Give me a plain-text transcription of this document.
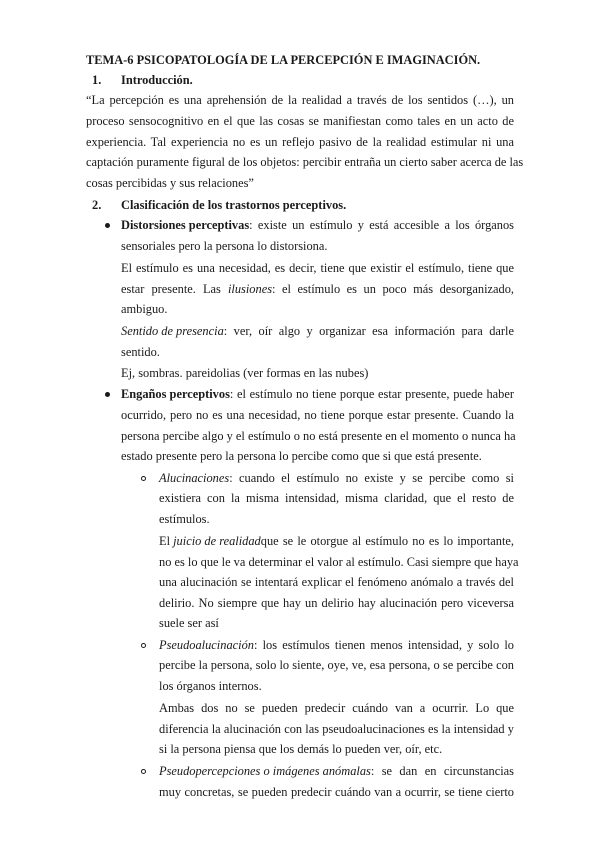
TEMA-6 PSICOPATOLOGÍA DE LA PERCEPCIÓN E IMAGINACIÓN.
1. Introducción.
“La percepción es una aprehensión de la realidad a través de los sentidos (…), un
proceso sensocognitivo en el que las cosas se manifiestan como tales en un acto de
experiencia. Tal experiencia no es un reflejo pasivo de la realidad estimular ni una
captación puramente figural de los objetos: percibir entraña un cierto saber acerca de las
cosas percibidas y sus relaciones”
2. Clasificación de los trastornos perceptivos.
Distorsiones perceptivas : existe un estímulo y está accesible a los órganos
sensoriales pero la persona lo distorsiona.
El estímulo es una necesidad, es decir, tiene que existir el estímulo, tiene que
estar presente. Las ilusiones : el estímulo es un poco más desorganizado,
ambiguo.
Sentido de presencia : ver, oír algo y organizar esa información para darle
sentido.
Ej, sombras. pareidolias (ver formas en las nubes)
Engaños perceptivos : el estímulo no tiene porque estar presente, puede haber
ocurrido, pero no es una necesidad, no tiene porque estar presente. Cuando la
persona percibe algo y el estímulo o no está presente en el momento o nunca ha
estado presente pero la persona lo percibe como que si que está presente.
Alucinaciones : cuando el estímulo no existe y se percibe como si
existiera con la misma intensidad, misma claridad, que el resto de
estímulos.
El juicio de realidad que se le otorgue al estímulo no es lo importante,
no es lo que le va determinar el valor al estímulo. Casi siempre que haya
una alucinación se intentará explicar el fenómeno anómalo a través del
delirio. No siempre que hay un delirio hay alucinación pero viceversa
suele ser así
Pseudoalucinación : los estímulos tienen menos intensidad, y solo lo
percibe la persona, solo lo siente, oye, ve, esa persona, o se percibe con
los órganos internos.
Ambas dos no se pueden predecir cuándo van a ocurrir. Lo que
diferencia la alucinación con las pseudoalucinaciones es la intensidad y
si la persona piensa que los demás lo pueden ver, oír, etc.
Pseudopercepciones o imágenes anómalas : se dan en circunstancias
muy concretas, se pueden predecir cuándo van a ocurrir, se tiene cierto
